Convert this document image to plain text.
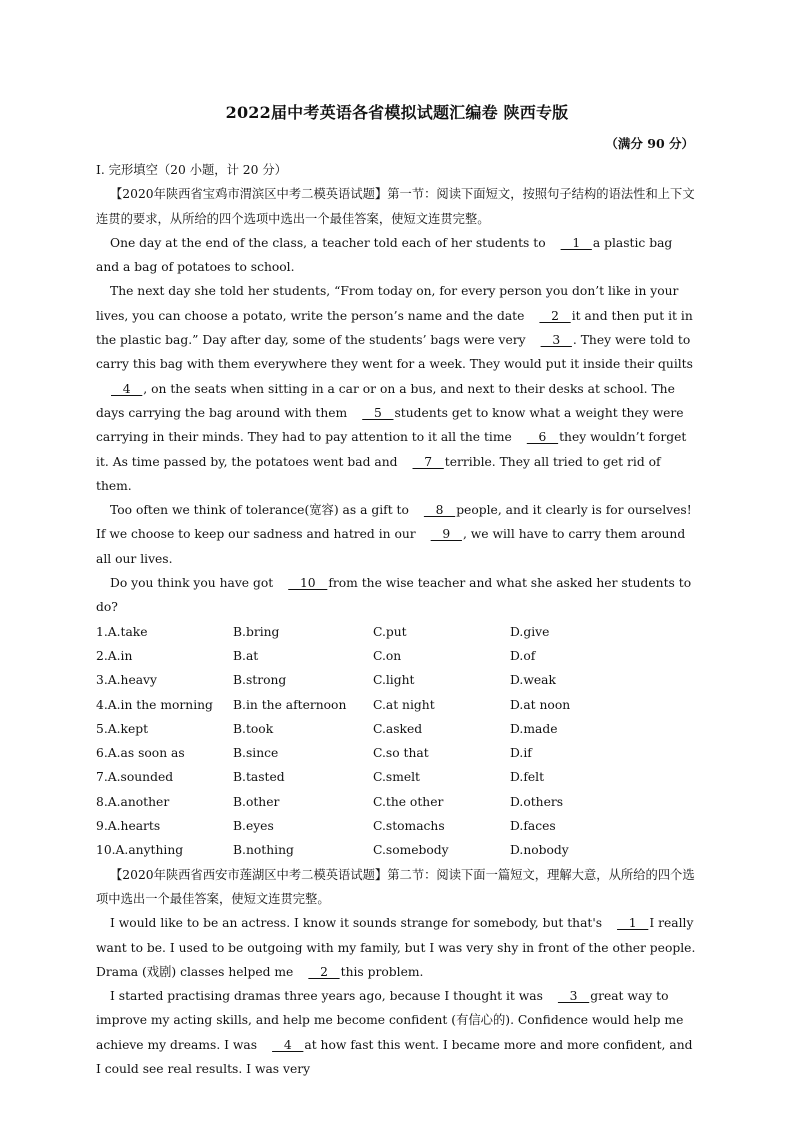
2022届中考英语各省模拟试题汇编卷 陕西专版
（满分 90 分）

Ⅰ. 完形填空（20 小题，计 20 分）

【2020年陕西省宝鸡市渭滨区中考二模英语试题】第一节：阅读下面短文，按照句子结构的语法性和上下文连贯的要求，从所给的四个选项中选出一个最佳答案，使短文连贯完整。

One day at the end of the class, a teacher told each of her students to   1   a plastic bag and a bag of potatoes to school.

The next day she told her students, “From today on, for every person you don’t like in your lives, you can choose a potato, write the person’s name and the date   2   it and then put it in the plastic bag.” Day after day, some of the students’ bags were very   3   . They were told to carry this bag with them everywhere they went for a week. They would put it inside their quilts   4   , on the seats when sitting in a car or on a bus, and next to their desks at school. The days carrying the bag around with them   5   students get to know what a weight they were carrying in their minds. They had to pay attention to it all the time   6   they wouldn’t forget it. As time passed by, the potatoes went bad and   7   terrible. They all tried to get rid of them.

Too often we think of tolerance(宽容) as a gift to   8   people, and it clearly is for ourselves! If we choose to keep our sadness and hatred in our   9   , we will have to carry them around all our lives.

Do you think you have got   10   from the wise teacher and what she asked her students to do?

1.A.take	B.bring	C.put	D.give
2.A.in	B.at	C.on	D.of
3.A.heavy	B.strong	C.light	D.weak
4.A.in the morning	B.in the afternoon	C.at night	D.at noon
5.A.kept	B.took	C.asked	D.made
6.A.as soon as	B.since	C.so that	D.if
7.A.sounded	B.tasted	C.smelt	D.felt
8.A.another	B.other	C.the other	D.others
9.A.hearts	B.eyes	C.stomachs	D.faces
10.A.anything	B.nothing	C.somebody	D.nobody

【2020年陕西省西安市莲湖区中考二模英语试题】第二节：阅读下面一篇短文，理解大意，从所给的四个选项中选出一个最佳答案，使短文连贯完整。

I would like to be an actress. I know it sounds strange for somebody, but that's   1   I really want to be. I used to be outgoing with my family, but I was very shy in front of the other people. Drama (戏剧) classes helped me   2   this problem.

I started practising dramas three years ago, because I thought it was   3   great way to improve my acting skills, and help me become confident (有信心的). Confidence would help me achieve my dreams. I was   4   at how fast this went. I became more and more confident, and I could see real results. I was very
